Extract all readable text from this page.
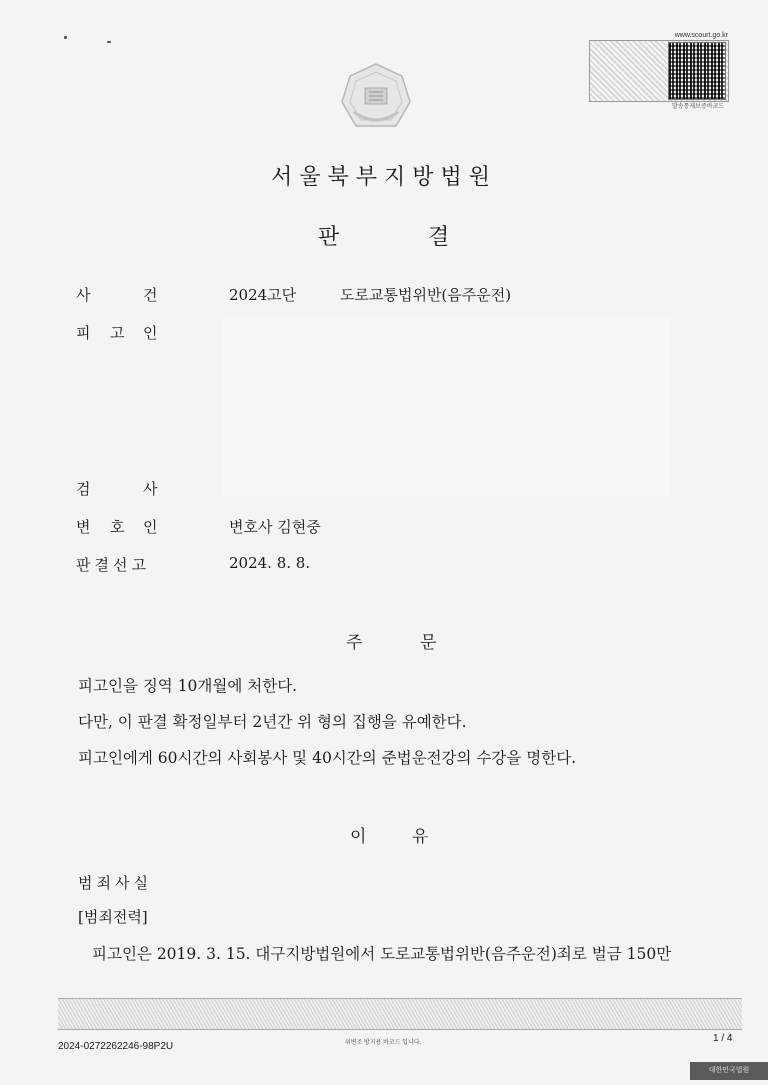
www.scourt.go.kr
발송통제보증바코드
서울북부지방법원
판	결
사	건	2024고단	도로교통법위반(음주운전)
피 고 인
검	사
변 호 인	변호사 김현중
판결선고	2024. 8. 8.
주	문
피고인을 징역 10개월에 처한다.
다만, 이 판결 확정일부터 2년간 위 형의 집행을 유예한다.
피고인에게 60시간의 사회봉사 및 40시간의 준법운전강의 수강을 명한다.
이	유
범죄사실
[범죄전력]
피고인은 2019. 3. 15. 대구지방법원에서 도로교통법위반(음주운전)죄로 벌금 150만
2024-0272262246-98P2U	위변조 방지용 바코드 입니다.	1 / 4
대한민국법원
